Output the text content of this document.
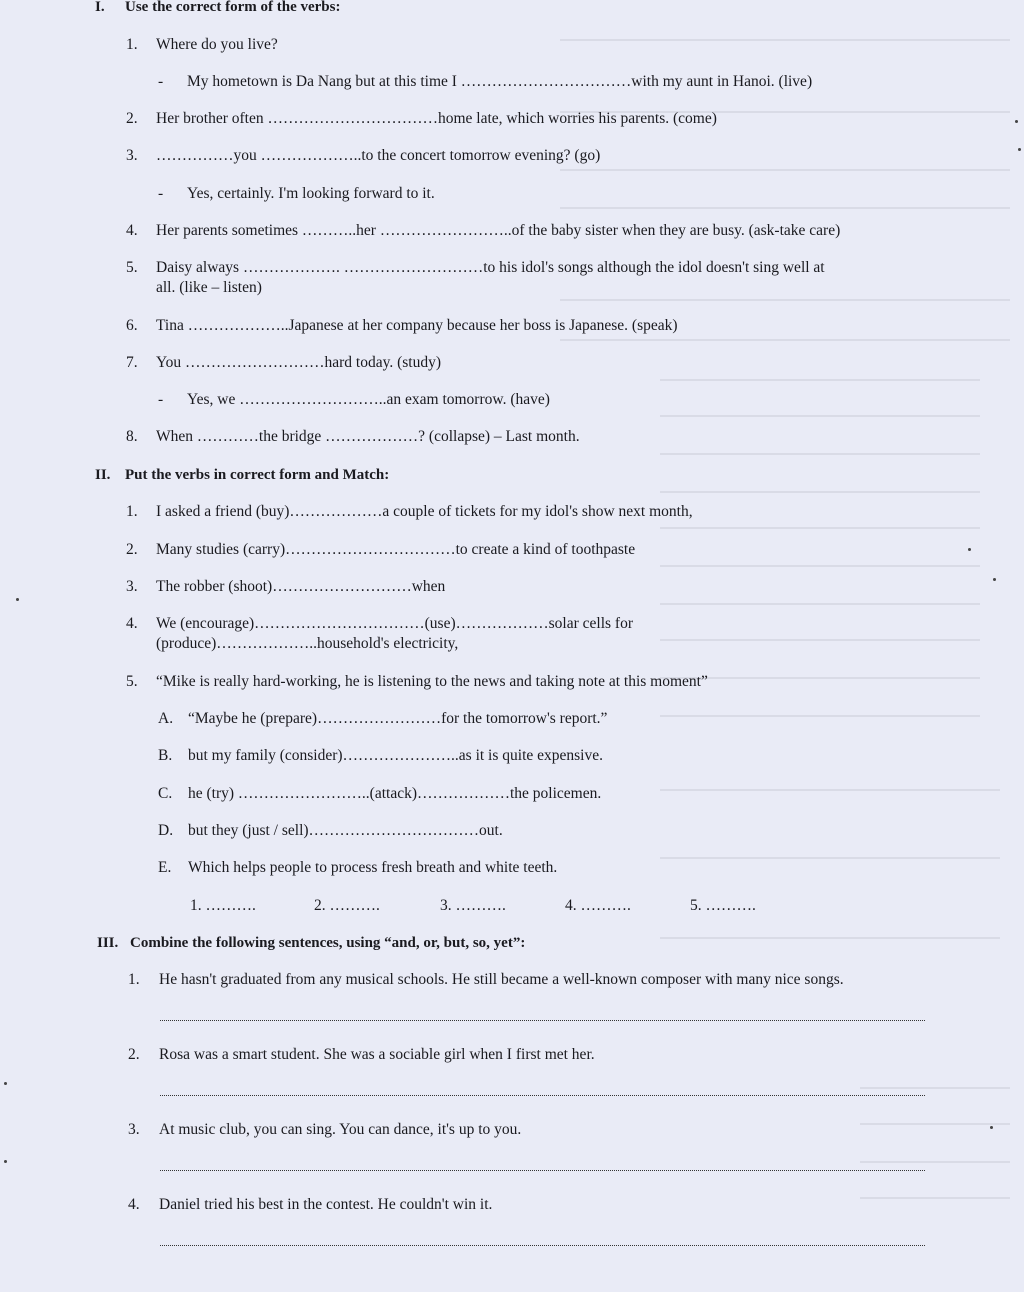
I. Use the correct form of the verbs:
1. Where do you live?
- My hometown is Da Nang but at this time I ……………………………with my aunt in Hanoi. (live)
2. Her brother often ……………………………home late, which worries his parents. (come)
3. ……………you ………………..to the concert tomorrow evening? (go)
- Yes, certainly. I'm looking forward to it.
4. Her parents sometimes ………..her ……………………..of the baby sister when they are busy. (ask-take care)
5. Daisy always ………………. ………………………to his idol's songs although the idol doesn't sing well at
all. (like – listen)
6. Tina ………………..Japanese at her company because her boss is Japanese. (speak)
7. You ………………………hard today. (study)
- Yes, we ………………………..an exam tomorrow. (have)
8. When …………the bridge ………………? (collapse) – Last month.
II. Put the verbs in correct form and Match:
1. I asked a friend (buy)………………a couple of tickets for my idol's show next month,
2. Many studies (carry)……………………………to create a kind of toothpaste
3. The robber (shoot)………………………when
4. We (encourage)……………………………(use)………………solar cells for
(produce)………………..household's electricity,
5. “Mike is really hard-working, he is listening to the news and taking note at this moment”
A. “Maybe he (prepare)……………………for the tomorrow's report.”
B. but my family (consider)…………………..as it is quite expensive.
C. he (try) ……………………..(attack)………………the policemen.
D. but they (just / sell)……………………………out.
E. Which helps people to process fresh breath and white teeth.
1. ……….	2. ……….	3. ……….	4. ……….	5. ……….
III. Combine the following sentences, using “and, or, but, so, yet”:
1. He hasn't graduated from any musical schools. He still became a well-known composer with many nice songs.
2. Rosa was a smart student. She was a sociable girl when I first met her.
3. At music club, you can sing. You can dance, it's up to you.
4. Daniel tried his best in the contest. He couldn't win it.
